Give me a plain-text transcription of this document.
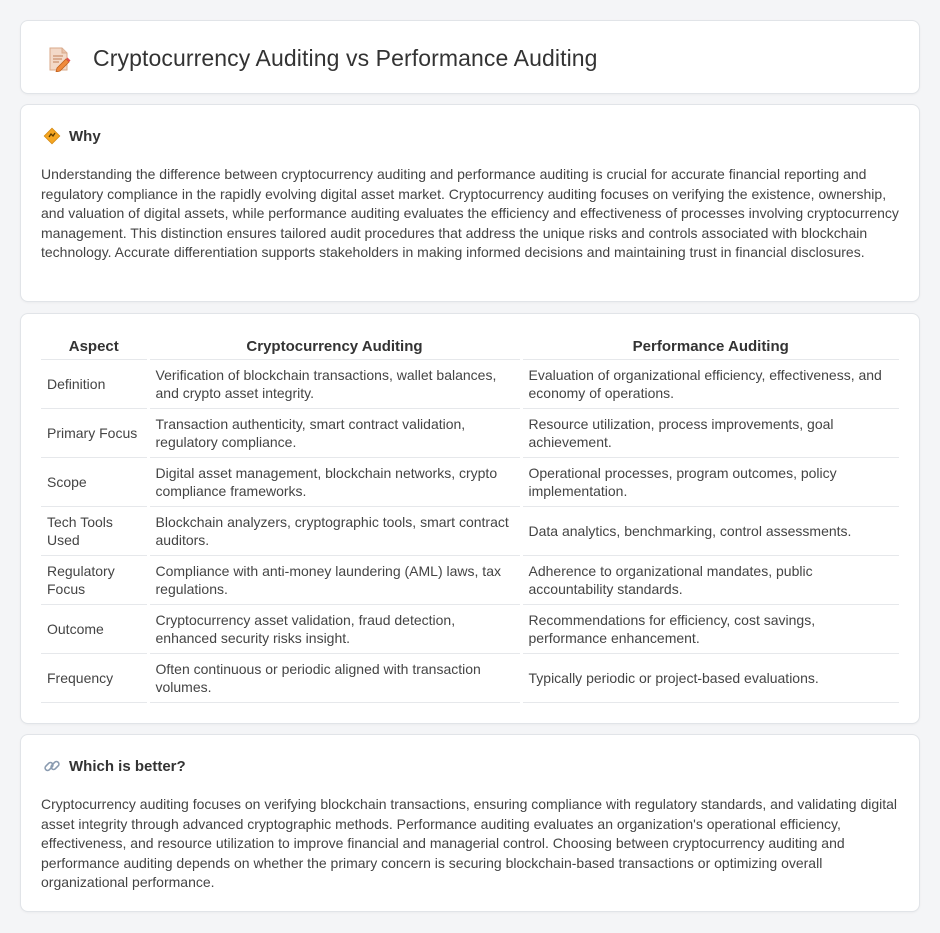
Cryptocurrency Auditing vs Performance Auditing
Why

Understanding the difference between cryptocurrency auditing and performance auditing is crucial for accurate financial reporting and regulatory compliance in the rapidly evolving digital asset market. Cryptocurrency auditing focuses on verifying the existence, ownership, and valuation of digital assets, while performance auditing evaluates the efficiency and effectiveness of processes involving cryptocurrency management. This distinction ensures tailored audit procedures that address the unique risks and controls associated with blockchain technology. Accurate differentiation supports stakeholders in making informed decisions and maintaining trust in financial disclosures.

Aspect	Cryptocurrency Auditing	Performance Auditing
Definition	Verification of blockchain transactions, wallet balances, and crypto asset integrity.	Evaluation of organizational efficiency, effectiveness, and economy of operations.
Primary Focus	Transaction authenticity, smart contract validation, regulatory compliance.	Resource utilization, process improvements, goal achievement.
Scope	Digital asset management, blockchain networks, crypto compliance frameworks.	Operational processes, program outcomes, policy implementation.
Tech Tools Used	Blockchain analyzers, cryptographic tools, smart contract auditors.	Data analytics, benchmarking, control assessments.
Regulatory Focus	Compliance with anti-money laundering (AML) laws, tax regulations.	Adherence to organizational mandates, public accountability standards.
Outcome	Cryptocurrency asset validation, fraud detection, enhanced security risks insight.	Recommendations for efficiency, cost savings, performance enhancement.
Frequency	Often continuous or periodic aligned with transaction volumes.	Typically periodic or project-based evaluations.
Which is better?

Cryptocurrency auditing focuses on verifying blockchain transactions, ensuring compliance with regulatory standards, and validating digital asset integrity through advanced cryptographic methods. Performance auditing evaluates an organization's operational efficiency, effectiveness, and resource utilization to improve financial and managerial control. Choosing between cryptocurrency auditing and performance auditing depends on whether the primary concern is securing blockchain-based transactions or optimizing overall organizational performance.
